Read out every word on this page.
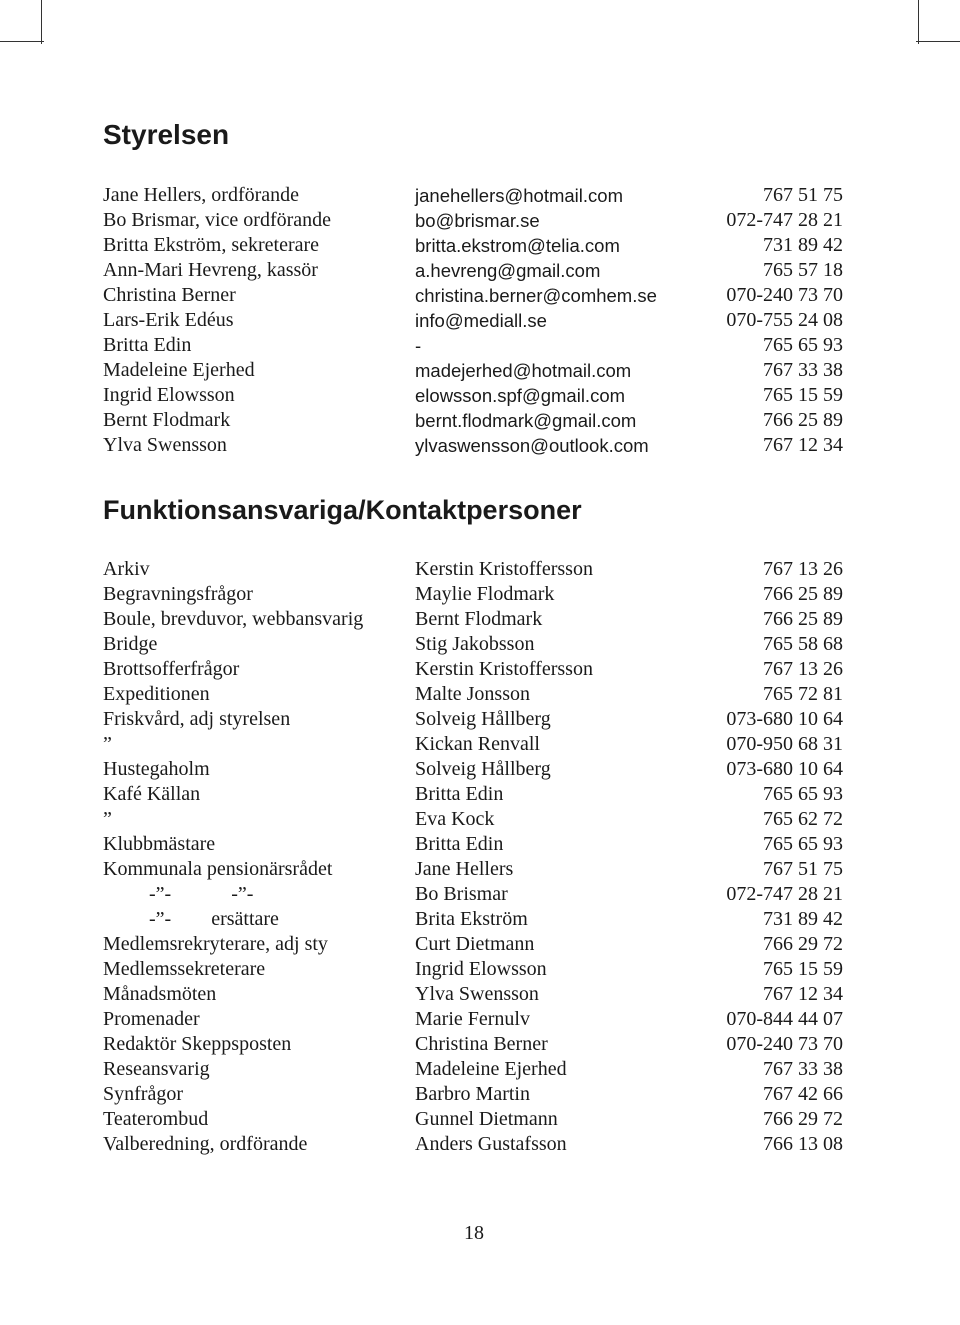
Styrelsen
Jane Hellers, ordförande	janehellers@hotmail.com	767 51 75
Bo Brismar, vice ordförande	bo@brismar.se	072-747 28 21
Britta Ekström, sekreterare	britta.ekstrom@telia.com	731 89 42
Ann-Mari Hevreng, kassör	a.hevreng@gmail.com	765 57 18
Christina Berner	christina.berner@comhem.se	070-240 73 70
Lars-Erik Edéus	info@mediall.se	070-755 24 08
Britta Edin	-	765 65 93
Madeleine Ejerhed	madejerhed@hotmail.com	767 33 38
Ingrid Elowsson	elowsson.spf@gmail.com	765 15 59
Bernt Flodmark	bernt.flodmark@gmail.com	766 25 89
Ylva Swensson	ylvaswensson@outlook.com	767 12 34
Funktionsansvariga/Kontaktpersoner
Arkiv	Kerstin Kristoffersson	767 13 26
Begravningsfrågor	Maylie Flodmark	766 25 89
Boule, brevduvor, webbansvarig	Bernt Flodmark	766 25 89
Bridge	Stig Jakobsson	765 58 68
Brottsofferfrågor	Kerstin Kristoffersson	767 13 26
Expeditionen	Malte Jonsson	765 72 81
Friskvård, adj styrelsen	Solveig Hållberg	073-680 10 64
”	Kickan Renvall	070-950 68 31
Hustegaholm	Solveig Hållberg	073-680 10 64
Kafé Källan	Britta Edin	765 65 93
”	Eva Kock	765 62 72
Klubbmästare	Britta Edin	765 65 93
Kommunala pensionärsrådet	Jane Hellers	767 51 75
-”-            -”-	Bo Brismar	072-747 28 21
-”-        ersättare	Brita Ekström	731 89 42
Medlemsrekryterare, adj sty	Curt Dietmann	766 29 72
Medlemssekreterare	Ingrid Elowsson	765 15 59
Månadsmöten	Ylva Swensson	767 12 34
Promenader	Marie Fernulv	070-844 44 07
Redaktör Skeppsposten	Christina Berner	070-240 73 70
Reseansvarig	Madeleine Ejerhed	767 33 38
Synfrågor	Barbro Martin	767 42 66
Teaterombud	Gunnel Dietmann	766 29 72
Valberedning, ordförande	Anders Gustafsson	766 13 08
18
